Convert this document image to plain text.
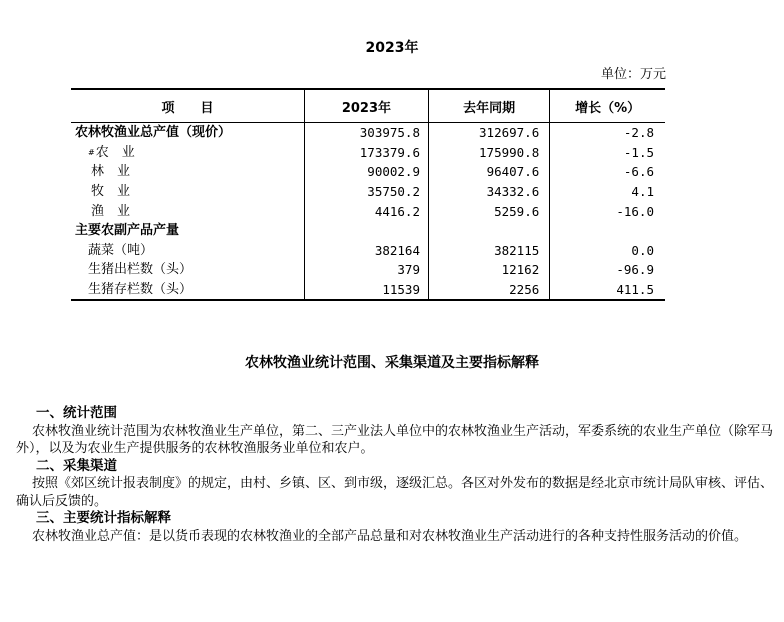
2023年
单位：万元
项　　目	2023年	去年同期	增长（%）
农林牧渔业总产值（现价）	303975.8	312697.6	-2.8
#农　业	173379.6	175990.8	-1.5
林　业	90002.9	96407.6	-6.6
牧　业	35750.2	34332.6	4.1
渔　业	4416.2	5259.6	-16.0
主要农副产品产量			
蔬菜（吨）	382164	382115	0.0
生猪出栏数（头）	379	12162	-96.9
生猪存栏数（头）	11539	2256	411.5
农林牧渔业统计范围、采集渠道及主要指标解释
一、统计范围
农林牧渔业统计范围为农林牧渔业生产单位，第二、三产业法人单位中的农林牧渔业生产活动，军委系统的农业生产单位（除军马外），以及为农业生产提供服务的农林牧渔服务业单位和农户。
二、采集渠道
按照《郊区统计报表制度》的规定，由村、乡镇、区、到市级，逐级汇总。各区对外发布的数据是经北京市统计局队审核、评估、确认后反馈的。
三、主要统计指标解释
农林牧渔业总产值：是以货币表现的农林牧渔业的全部产品总量和对农林牧渔业生产活动进行的各种支持性服务活动的价值。
